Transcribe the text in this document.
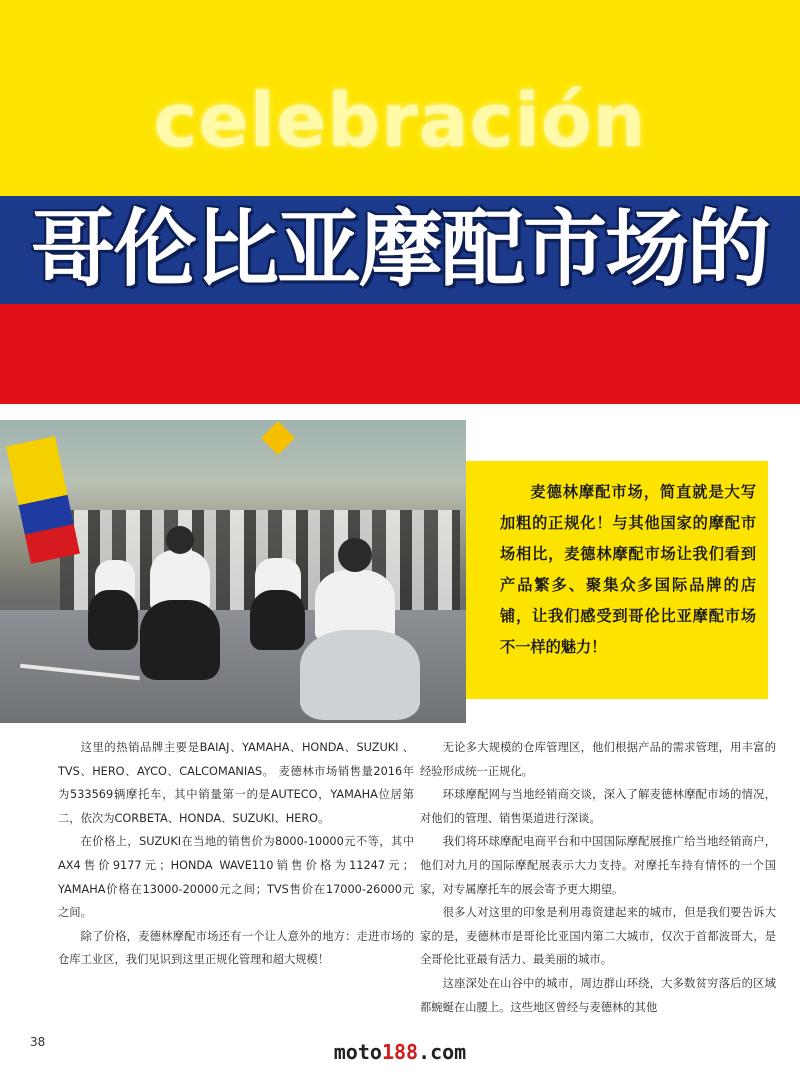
celebración
哥伦比亚摩配市场的
麦德林摩配市场，简直就是大写加粗的正规化！与其他国家的摩配市场相比，麦德林摩配市场让我们看到产品繁多、聚集众多国际品牌的店铺，让我们感受到哥伦比亚摩配市场不一样的魅力！

这里的热销品牌主要是BAIAJ、YAMAHA、HONDA、SUZUKI 、TVS、HERO、AYCO、CALCOMANIAS。 麦德林市场销售量2016年为533569辆摩托车，其中销量第一的是AUTECO，YAMAHA位居第二，依次为CORBETA、HONDA、SUZUKI、HERO。

在价格上，SUZUKI在当地的销售价为8000-10000元不等，其中AX4售价9177元；HONDA WAVE110销售价格为11247元； YAMAHA价格在13000-20000元之间；TVS售价在17000-26000元之间。

除了价格，麦德林摩配市场还有一个让人意外的地方：走进市场的仓库工业区，我们见识到这里正规化管理和超大规模！

无论多大规模的仓库管理区，他们根据产品的需求管理，用丰富的经验形成统一正规化。

环球摩配网与当地经销商交谈，深入了解麦德林摩配市场的情况，对他们的管理、销售渠道进行深谈。

我们将环球摩配电商平台和中国国际摩配展推广给当地经销商户，他们对九月的国际摩配展表示大力支持。对摩托车持有情怀的一个国家，对专属摩托车的展会寄予更大期望。

很多人对这里的印象是利用毒资建起来的城市，但是我们要告诉大家的是，麦德林市是哥伦比亚国内第二大城市，仅次于首都波哥大，是全哥伦比亚最有活力、最美丽的城市。

这座深处在山谷中的城市，周边群山环绕，大多数贫穷落后的区域都蜿蜒在山腰上。这些地区曾经与麦德林的其他

38	moto188.com
